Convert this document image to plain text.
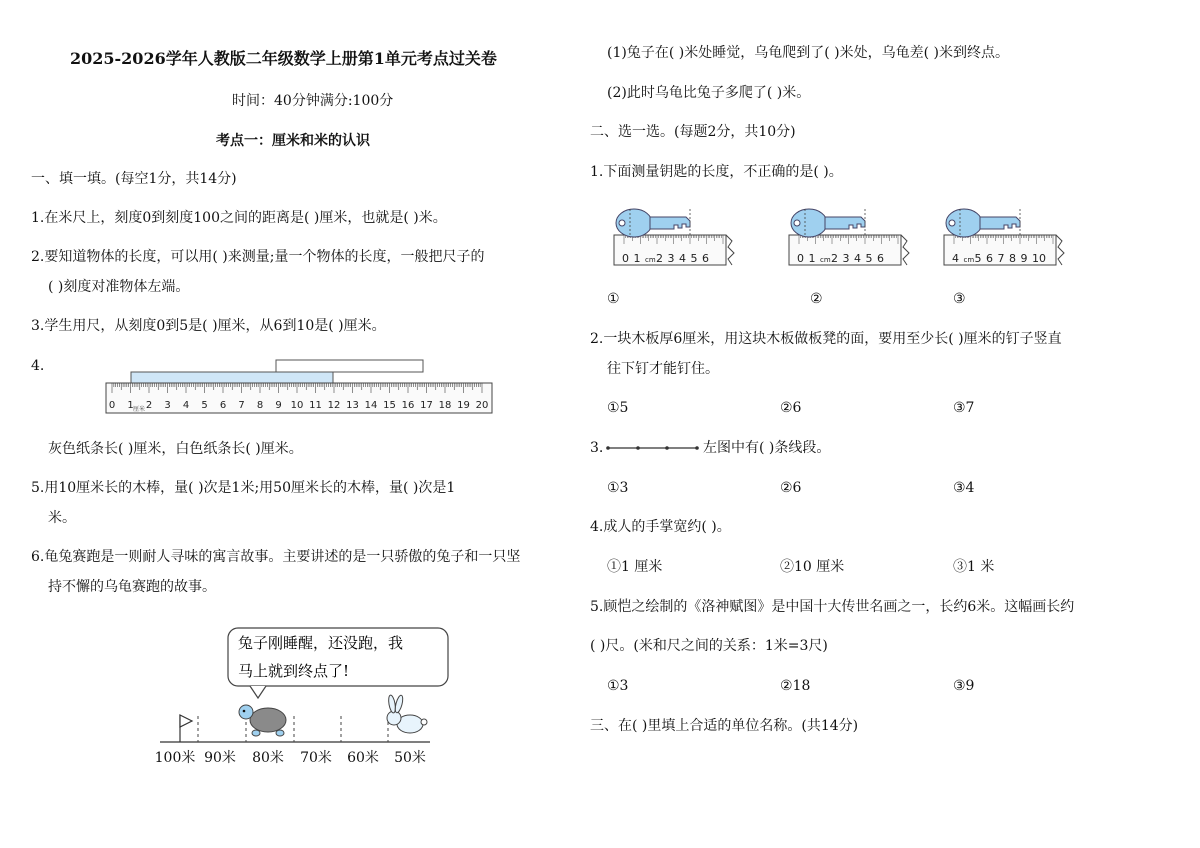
2025-2026学年人教版二年级数学上册第1单元考点过关卷
时间：40分钟满分:100分
考点一：厘米和米的认识
一、填一填。(每空1分，共14分)
1.在米尺上，刻度0到刻度100之间的距离是( )厘米，也就是( )米。
2.要知道物体的长度，可以用( )来测量;量一个物体的长度，一般把尺子的
( )刻度对准物体左端。
3.学生用尺，从刻度0到5是( )厘米，从6到10是( )厘米。
4.
0 1 2 3 4 5 6 7 8 9 10 11 12 13 14 15 16 17 18 19 20
厘米
灰色纸条长( )厘米，白色纸条长( )厘米。
5.用10厘米长的木棒，量( )次是1米;用50厘米长的木棒，量( )次是1
米。
6.龟兔赛跑是一则耐人寻味的寓言故事。主要讲述的是一只骄傲的兔子和一只坚
持不懈的乌龟赛跑的故事。
兔子刚睡醒，还没跑，我
马上就到终点了!
100米 90米 80米 70米 60米 50米
(1)兔子在( )米处睡觉，乌龟爬到了( )米处，乌龟差( )米到终点。
(2)此时乌龟比兔子多爬了( )米。
二、选一选。(每题2分，共10分)
1.下面测量钥匙的长度，不正确的是( )。
0 1 cm 2 3 4 5 6	0 1 cm 2 3 4 5 6	4 cm 5 6 7 8 9 10
①	②	③
2.一块木板厚6厘米，用这块木板做板凳的面，要用至少长( )厘米的钉子竖直
往下钉才能钉住。
①5	②6	③7
3.	左图中有( )条线段。
①3	②6	③4
4.成人的手掌宽约( )。
①1 厘米	②10 厘米	③1 米
5.顾恺之绘制的《洛神赋图》是中国十大传世名画之一，长约6米。这幅画长约
( )尺。(米和尺之间的关系：1米=3尺)
①3	②18	③9
三、在( )里填上合适的单位名称。(共14分)
